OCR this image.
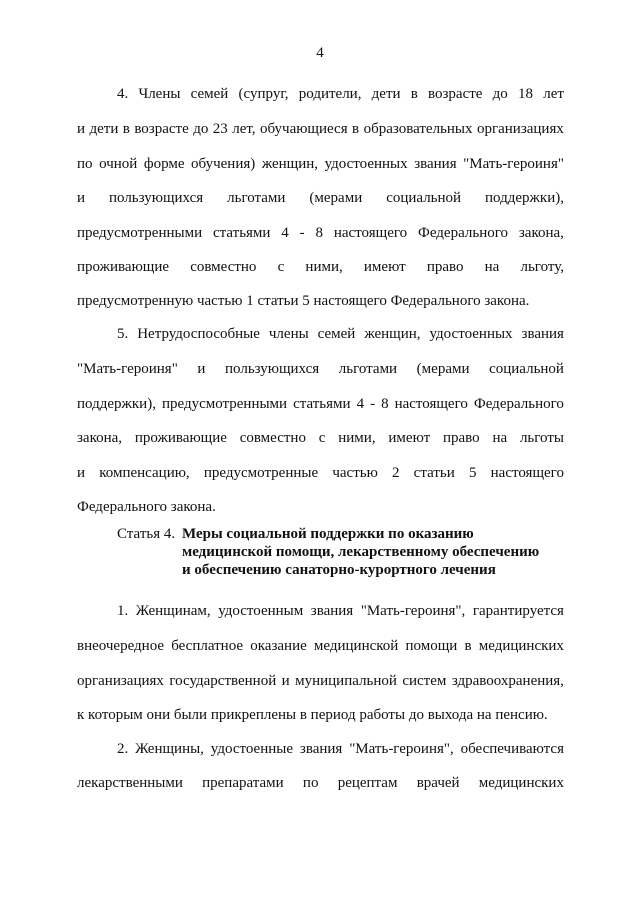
4
4. Члены семей (супруг, родители, дети в возрасте до 18 лет
и дети в возрасте до 23 лет, обучающиеся в образовательных организациях
по очной форме обучения) женщин, удостоенных звания "Мать-героиня"
и пользующихся льготами (мерами социальной поддержки),
предусмотренными статьями 4 - 8 настоящего Федерального закона,
проживающие совместно с ними, имеют право на льготу,
предусмотренную частью 1 статьи 5 настоящего Федерального закона.
5. Нетрудоспособные члены семей женщин, удостоенных звания
"Мать-героиня" и пользующихся льготами (мерами социальной
поддержки), предусмотренными статьями 4 - 8 настоящего Федерального
закона, проживающие совместно с ними, имеют право на льготы
и компенсацию, предусмотренные частью 2 статьи 5 настоящего
Федерального закона.
Статья 4. Меры социальной поддержки по оказанию
медицинской помощи, лекарственному обеспечению
и обеспечению санаторно-курортного лечения
1. Женщинам, удостоенным звания "Мать-героиня", гарантируется
внеочередное бесплатное оказание медицинской помощи в медицинских
организациях государственной и муниципальной систем здравоохранения,
к которым они были прикреплены в период работы до выхода на пенсию.
2. Женщины, удостоенные звания "Мать-героиня", обеспечиваются
лекарственными препаратами по рецептам врачей медицинских
